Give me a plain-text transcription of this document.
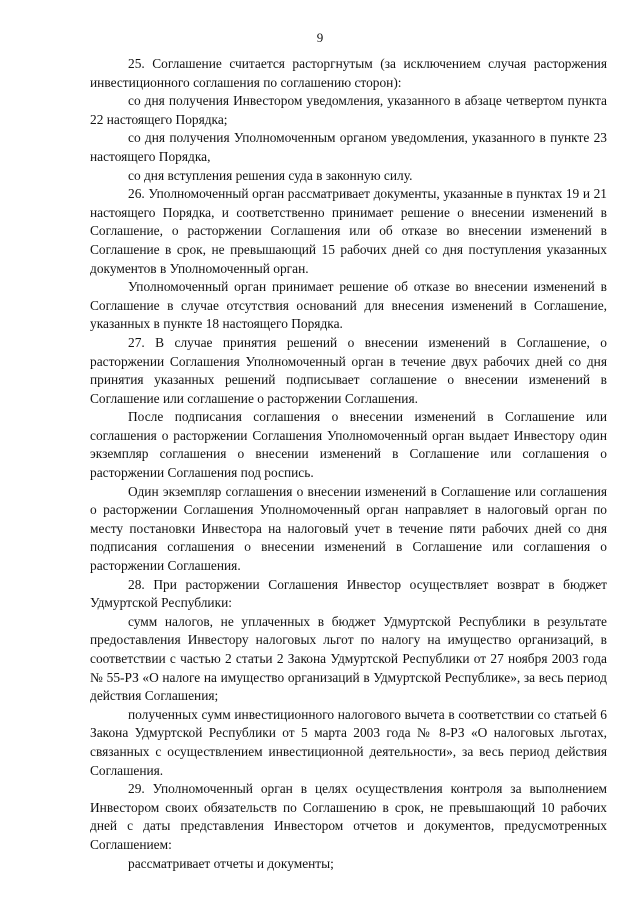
9

25. Соглашение считается расторгнутым (за исключением случая расторжения инвестиционного соглашения по соглашению сторон):

со дня получения Инвестором уведомления, указанного в абзаце четвертом пункта 22 настоящего Порядка;

со дня получения Уполномоченным органом уведомления, указанного в пункте 23 настоящего Порядка,

со дня вступления решения суда в законную силу.

26. Уполномоченный орган рассматривает документы, указанные в пунктах 19 и 21 настоящего Порядка, и соответственно принимает решение о внесении изменений в Соглашение, о расторжении Соглашения или об отказе во внесении изменений в Соглашение в срок, не превышающий 15 рабочих дней со дня поступления указанных документов в Уполномоченный орган.

Уполномоченный орган принимает решение об отказе во внесении изменений в Соглашение в случае отсутствия оснований для внесения изменений в Соглашение, указанных в пункте 18 настоящего Порядка.

27. В случае принятия решений о внесении изменений в Соглашение, о расторжении Соглашения Уполномоченный орган в течение двух рабочих дней со дня принятия указанных решений подписывает соглашение о внесении изменений в Соглашение или соглашение о расторжении Соглашения.

После подписания соглашения о внесении изменений в Соглашение или соглашения о расторжении Соглашения Уполномоченный орган выдает Инвестору один экземпляр соглашения о внесении изменений в Соглашение или соглашения о расторжении Соглашения под роспись.

Один экземпляр соглашения о внесении изменений в Соглашение или соглашения о расторжении Соглашения Уполномоченный орган направляет в налоговый орган по месту постановки Инвестора на налоговый учет в течение пяти рабочих дней со дня подписания соглашения о внесении изменений в Соглашение или соглашения о расторжении Соглашения.

28. При расторжении Соглашения Инвестор осуществляет возврат в бюджет Удмуртской Республики:

сумм налогов, не уплаченных в бюджет Удмуртской Республики в результате предоставления Инвестору налоговых льгот по налогу на имущество организаций, в соответствии с частью 2 статьи 2 Закона Удмуртской Республики от 27 ноября 2003 года № 55-РЗ «О налоге на имущество организаций в Удмуртской Республике», за весь период действия Соглашения;

полученных сумм инвестиционного налогового вычета в соответствии со статьей 6 Закона Удмуртской Республики от 5 марта 2003 года № 8-РЗ «О налоговых льготах, связанных с осуществлением инвестиционной деятельности», за весь период действия Соглашения.

29. Уполномоченный орган в целях осуществления контроля за выполнением Инвестором своих обязательств по Соглашению в срок, не превышающий 10 рабочих дней с даты представления Инвестором отчетов и документов, предусмотренных Соглашением:

рассматривает отчеты и документы;
